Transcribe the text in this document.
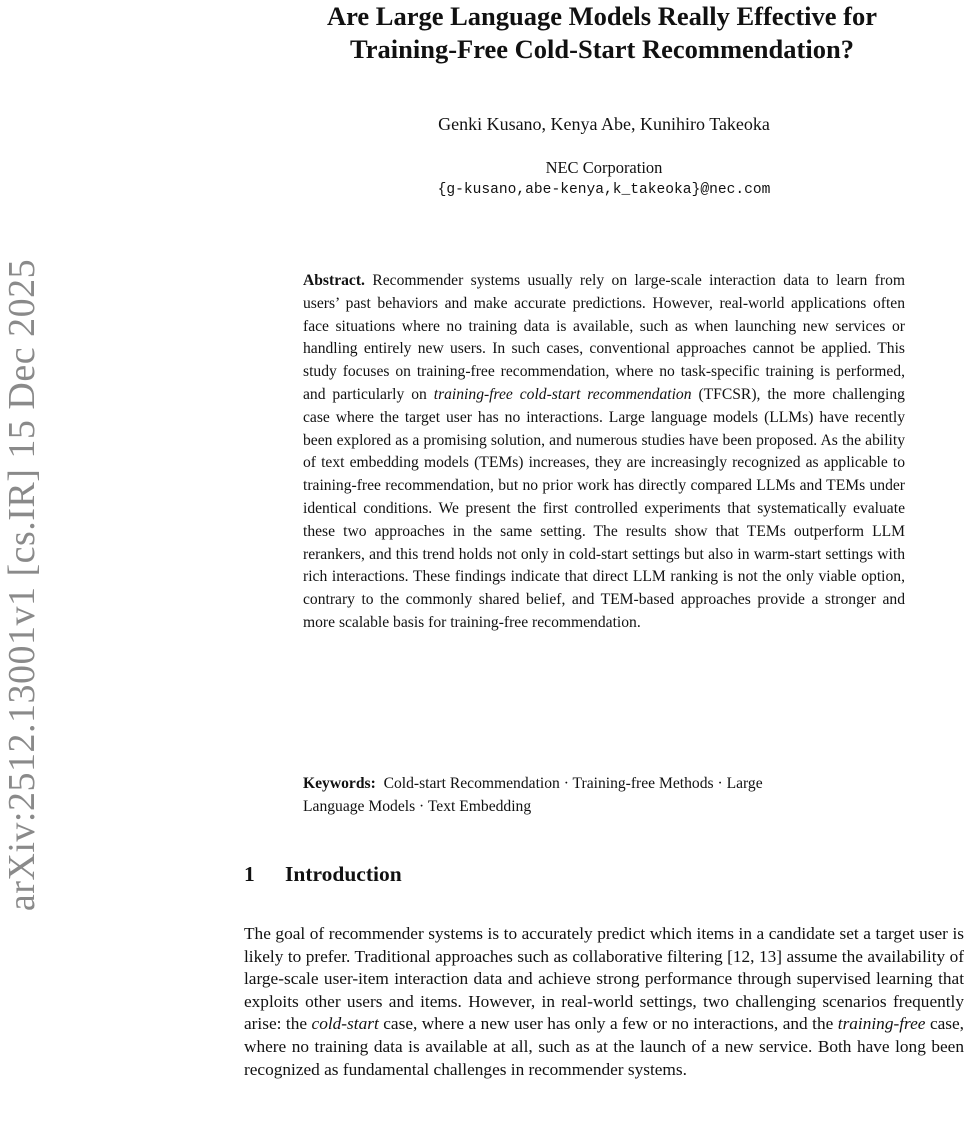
arXiv:2512.13001v1 [cs.IR] 15 Dec 2025
Are Large Language Models Really Effective for
Training-Free Cold-Start Recommendation?
Genki Kusano, Kenya Abe, Kunihiro Takeoka
NEC Corporation
{g-kusano,abe-kenya,k_takeoka}@nec.com

Abstract. Recommender systems usually rely on large-scale interaction data to learn from users’ past behaviors and make accurate predictions. However, real-world applications often face situations where no training data is available, such as when launching new services or handling entirely new users. In such cases, conventional approaches cannot be applied. This study focuses on training-free recommendation, where no task-specific training is performed, and particularly on training-free cold-start recommendation (TFCSR), the more challenging case where the target user has no interactions. Large language models (LLMs) have recently been explored as a promising solution, and numerous studies have been proposed. As the ability of text embedding models (TEMs) increases, they are increasingly recognized as applicable to training-free recommendation, but no prior work has directly compared LLMs and TEMs under identical conditions. We present the first controlled experiments that systematically evaluate these two approaches in the same setting. The results show that TEMs outperform LLM rerankers, and this trend holds not only in cold-start settings but also in warm-start settings with rich interactions. These findings indicate that direct LLM ranking is not the only viable option, contrary to the commonly shared belief, and TEM-based approaches provide a stronger and more scalable basis for training-free recommendation.

Keywords: Cold-start Recommendation · Training-free Methods · Large
Language Models · Text Embedding
1 Introduction

The goal of recommender systems is to accurately predict which items in a candidate set a target user is likely to prefer. Traditional approaches such as collaborative filtering [12, 13] assume the availability of large-scale user-item interaction data and achieve strong performance through supervised learning that exploits other users and items. However, in real-world settings, two challenging scenarios frequently arise: the cold-start case, where a new user has only a few or no interactions, and the training-free case, where no training data is available at all, such as at the launch of a new service. Both have long been recognized as fundamental challenges in recommender systems.
